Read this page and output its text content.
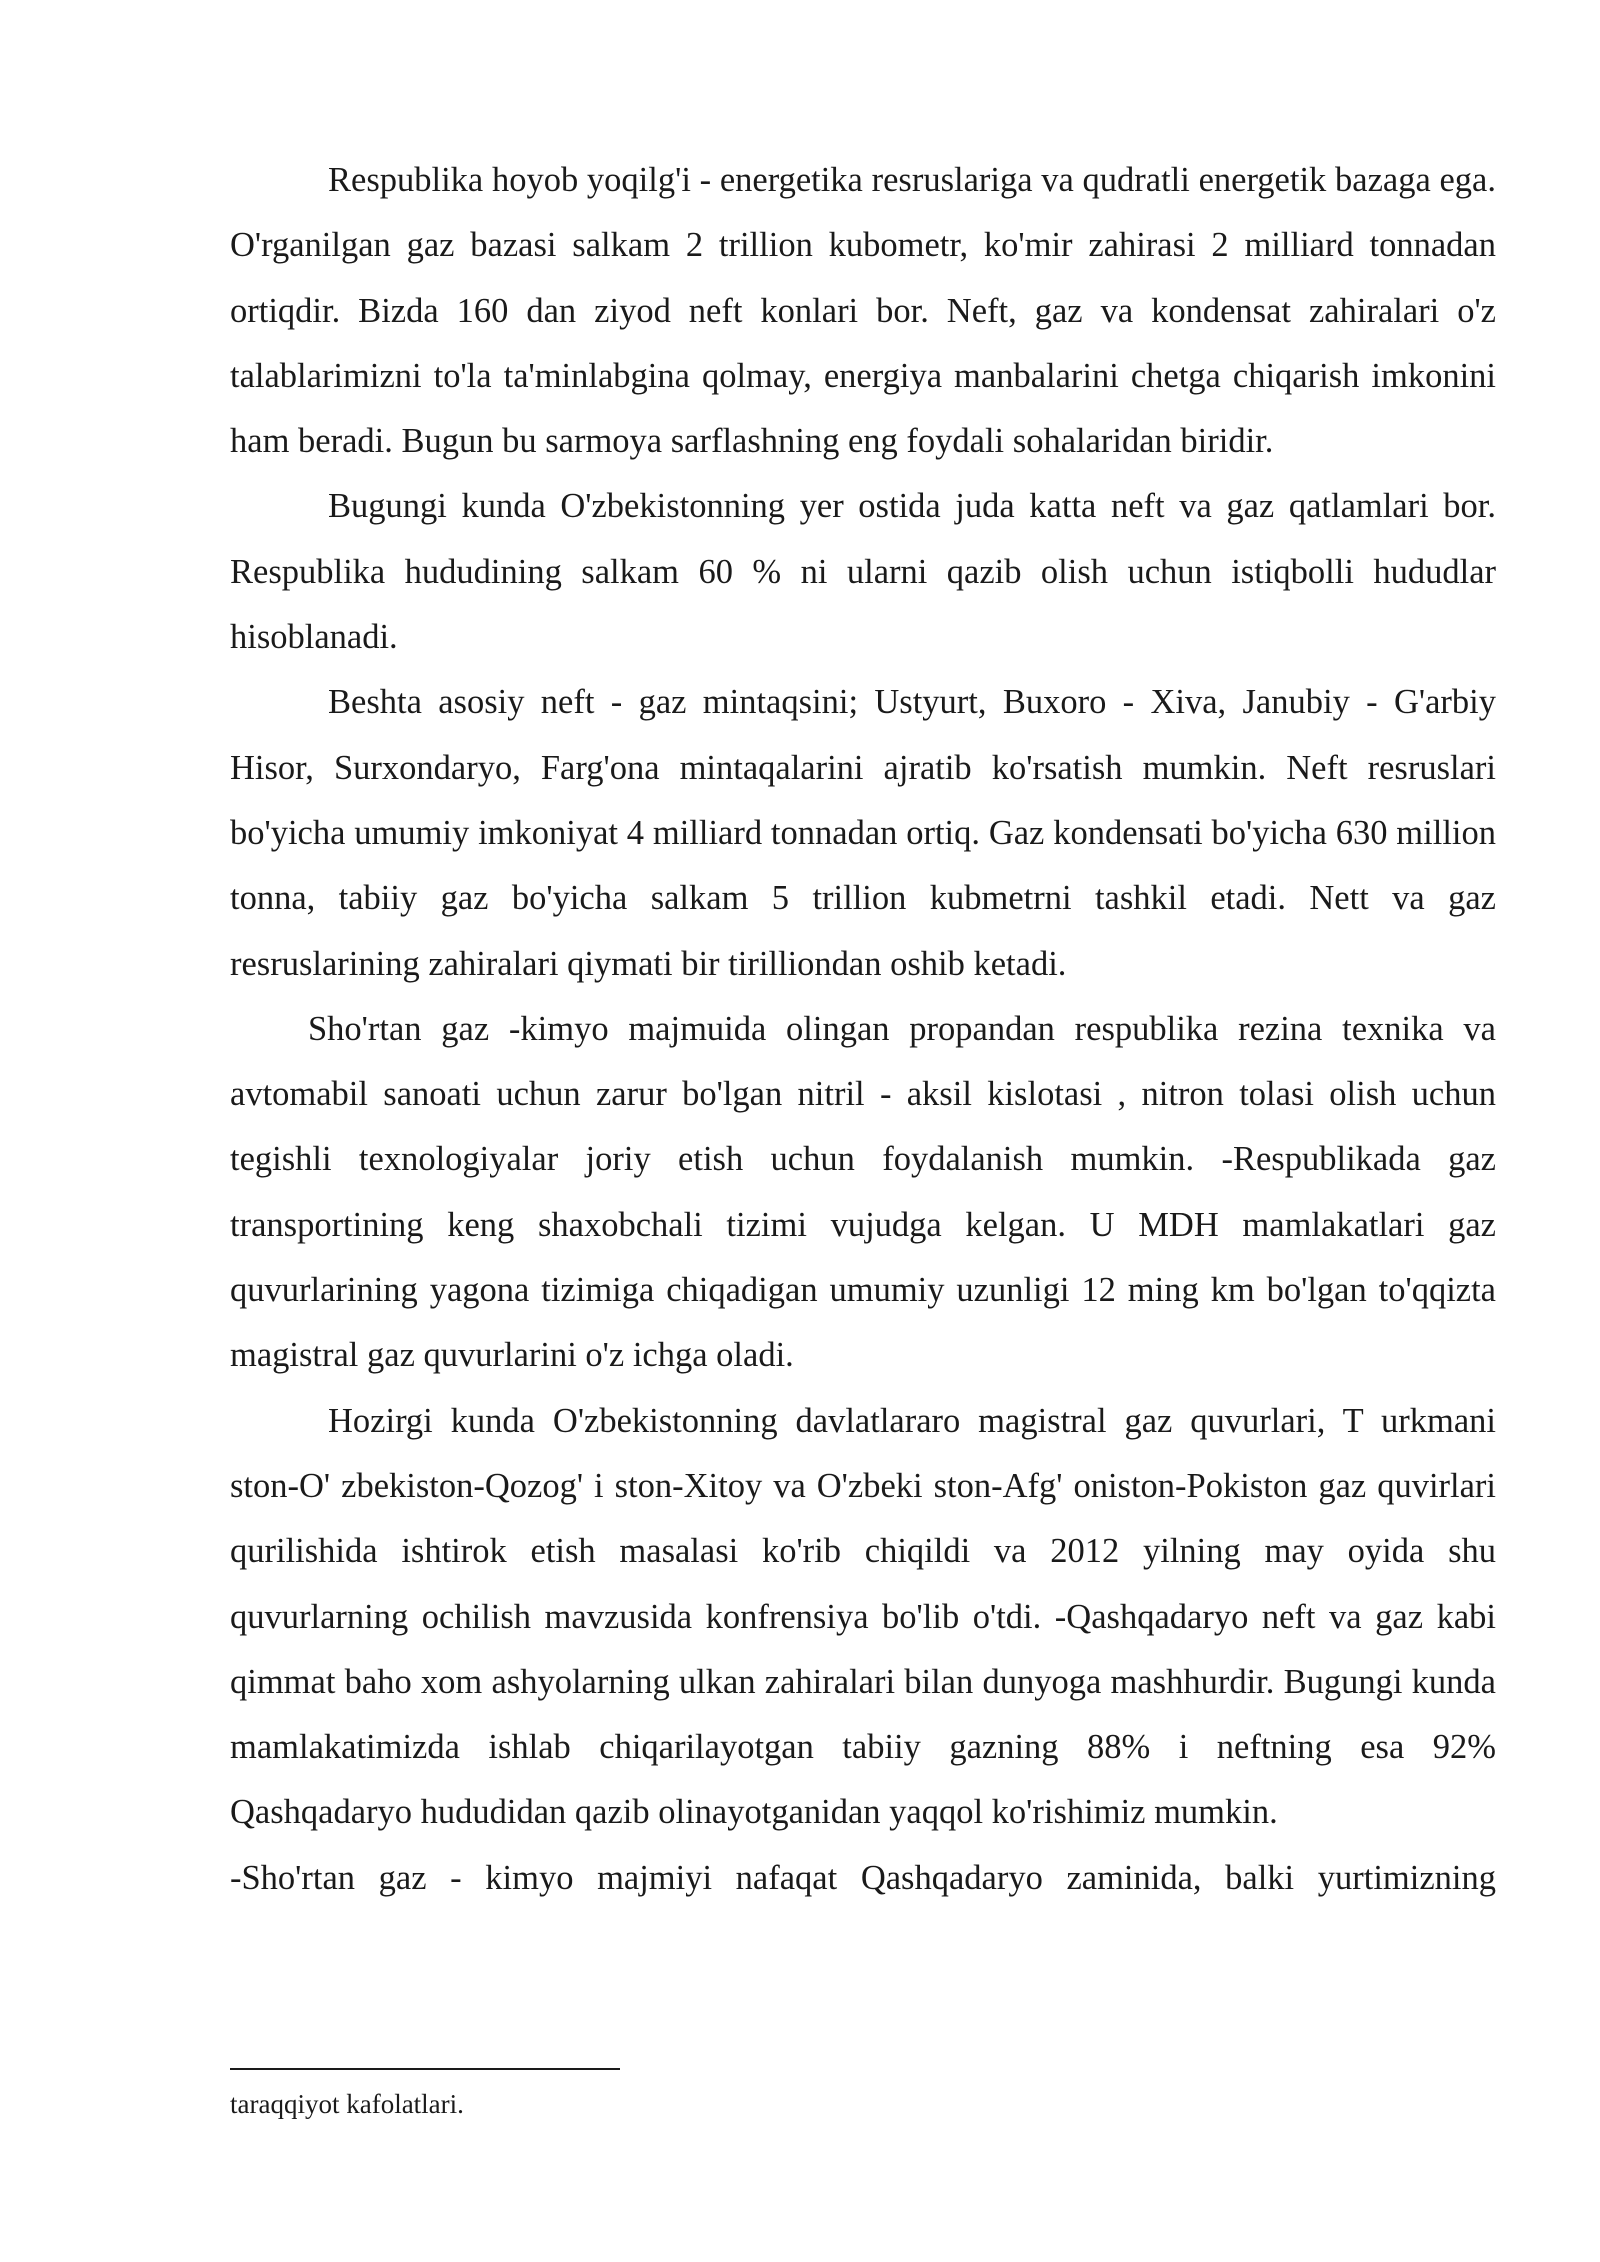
Respublika hoyob yoqilg'i - energetika resruslariga va qudratli energetik bazaga ega. O'rganilgan gaz bazasi salkam 2 trillion kubometr, ko'mir zahirasi 2 milliard tonnadan ortiqdir. Bizda 160 dan ziyod neft konlari bor. Neft, gaz va kondensat zahiralari o'z talablarimizni to'la ta'minlabgina qolmay, energiya manbalarini chetga chiqarish imkonini ham beradi. Bugun bu sarmoya sarflashning eng foydali sohalaridan biridir.

Bugungi kunda O'zbekistonning yer ostida juda katta neft va gaz qatlamlari bor. Respublika hududining salkam 60 % ni ularni qazib olish uchun istiqbolli hududlar hisoblanadi.

Beshta asosiy neft - gaz mintaqsini; Ustyurt, Buxoro - Xiva, Janubiy - G'arbiy Hisor, Surxondaryo, Farg'ona mintaqalarini ajratib ko'rsatish mumkin. Neft resruslari bo'yicha umumiy imkoniyat 4 milliard tonnadan ortiq. Gaz kondensati bo'yicha 630 million tonna, tabiiy gaz bo'yicha salkam 5 trillion kubmetrni tashkil etadi. Nett va gaz resruslarining zahiralari qiymati bir tirilliondan oshib ketadi.

Sho'rtan gaz -kimyo majmuida olingan propandan respublika rezina texnika va avtomabil sanoati uchun zarur bo'lgan nitril - aksil kislotasi , nitron tolasi olish uchun tegishli texnologiyalar joriy etish uchun foydalanish mumkin. -Respublikada gaz transportining keng shaxobchali tizimi vujudga kelgan. U MDH mamlakatlari gaz quvurlarining yagona tizimiga chiqadigan umumiy uzunligi 12 ming km bo'lgan to'qqizta magistral gaz quvurlarini o'z ichga oladi.

Hozirgi kunda O'zbekistonning davlatlararo magistral gaz quvurlari, T urkmani ston-O' zbekiston-Qozog' i ston-Xitoy va O'zbeki ston-Afg' oniston-Pokiston gaz quvirlari qurilishida ishtirok etish masalasi ko'rib chiqildi va 2012 yilning may oyida shu quvurlarning ochilish mavzusida konfrensiya bo'lib o'tdi. -Qashqadaryo neft va gaz kabi qimmat baho xom ashyolarning ulkan zahiralari bilan dunyoga mashhurdir. Bugungi kunda mamlakatimizda ishlab chiqarilayotgan tabiiy gazning 88% i neftning esa 92% Qashqadaryo hududidan qazib olinayotganidan yaqqol ko'rishimiz mumkin.

-Sho'rtan gaz - kimyo majmiyi nafaqat Qashqadaryo zaminida, balki yurtimizning

taraqqiyot kafolatlari.
